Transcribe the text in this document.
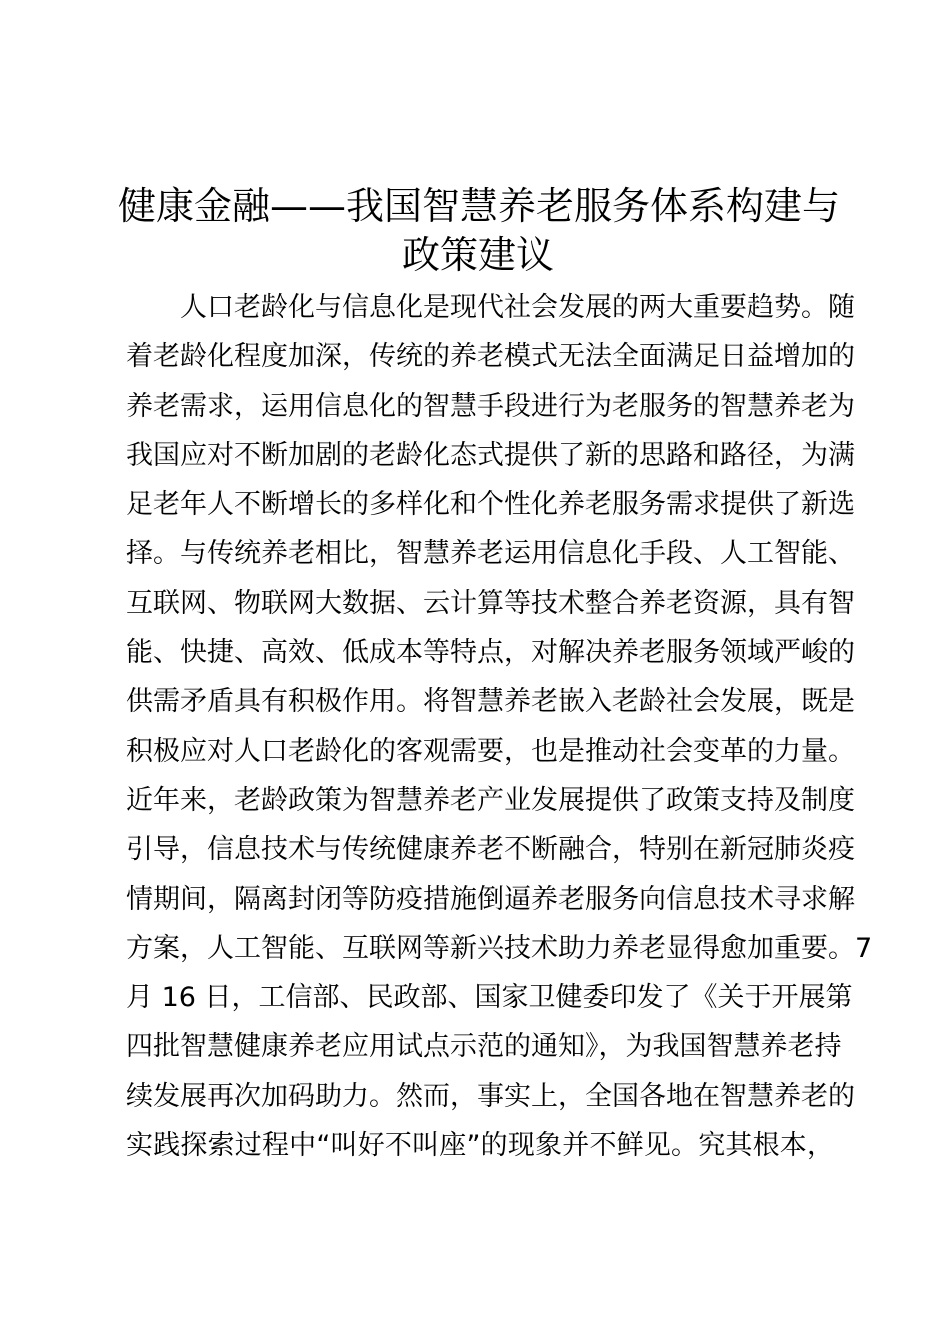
健康金融——我国智慧养老服务体系构建与
政策建议
人口老龄化与信息化是现代社会发展的两大重要趋势。随
着老龄化程度加深，传统的养老模式无法全面满足日益增加的
养老需求，运用信息化的智慧手段进行为老服务的智慧养老为
我国应对不断加剧的老龄化态式提供了新的思路和路径，为满
足老年人不断增长的多样化和个性化养老服务需求提供了新选
择。与传统养老相比，智慧养老运用信息化手段、人工智能、
互联网、物联网大数据、云计算等技术整合养老资源，具有智
能、快捷、高效、低成本等特点，对解决养老服务领域严峻的
供需矛盾具有积极作用。将智慧养老嵌入老龄社会发展，既是
积极应对人口老龄化的客观需要，也是推动社会变革的力量。
近年来，老龄政策为智慧养老产业发展提供了政策支持及制度
引导，信息技术与传统健康养老不断融合，特别在新冠肺炎疫
情期间，隔离封闭等防疫措施倒逼养老服务向信息技术寻求解
方案，人工智能、互联网等新兴技术助力养老显得愈加重要。7
月 16 日，工信部、民政部、国家卫健委印发了《关于开展第
四批智慧健康养老应用试点示范的通知》，为我国智慧养老持
续发展再次加码助力。然而，事实上，全国各地在智慧养老的
实践探索过程中“叫好不叫座”的现象并不鲜见。究其根本，
